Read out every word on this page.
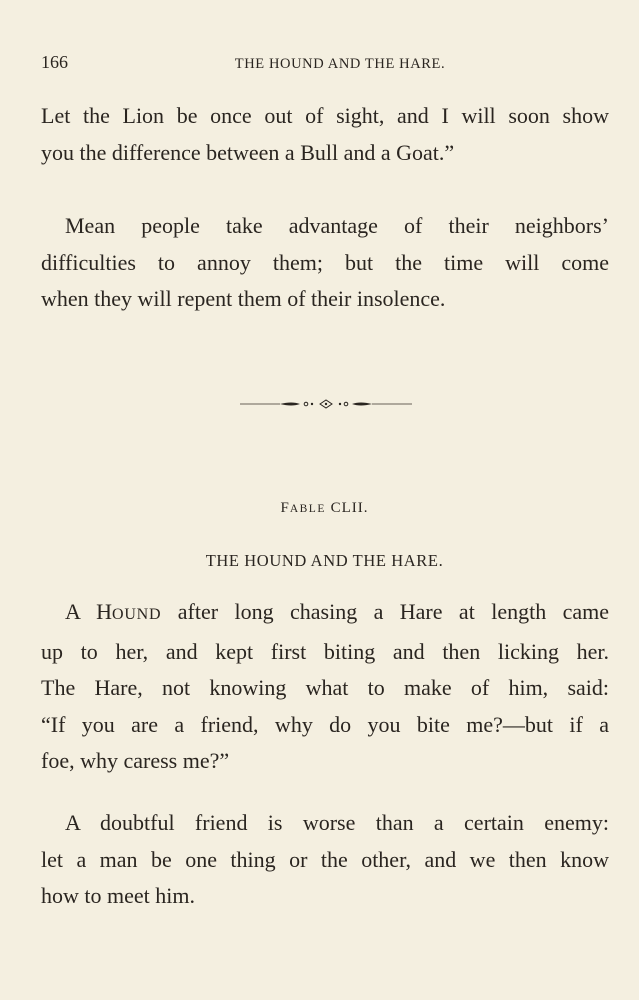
166	THE HOUND AND THE HARE.

Let the Lion be once out of sight, and I will soon show
you the difference between a Bull and a Goat.”

Mean people take advantage of their neighbors’
difficulties to annoy them; but the time will come
when they will repent them of their insolence.

FABLE CLII.
THE HOUND AND THE HARE.

A HOUND after long chasing a Hare at length came
up to her, and kept first biting and then licking her.
The Hare, not knowing what to make of him, said:
“If you are a friend, why do you bite me?—but if a
foe, why caress me?”

A doubtful friend is worse than a certain enemy:
let a man be one thing or the other, and we then know
how to meet him.
